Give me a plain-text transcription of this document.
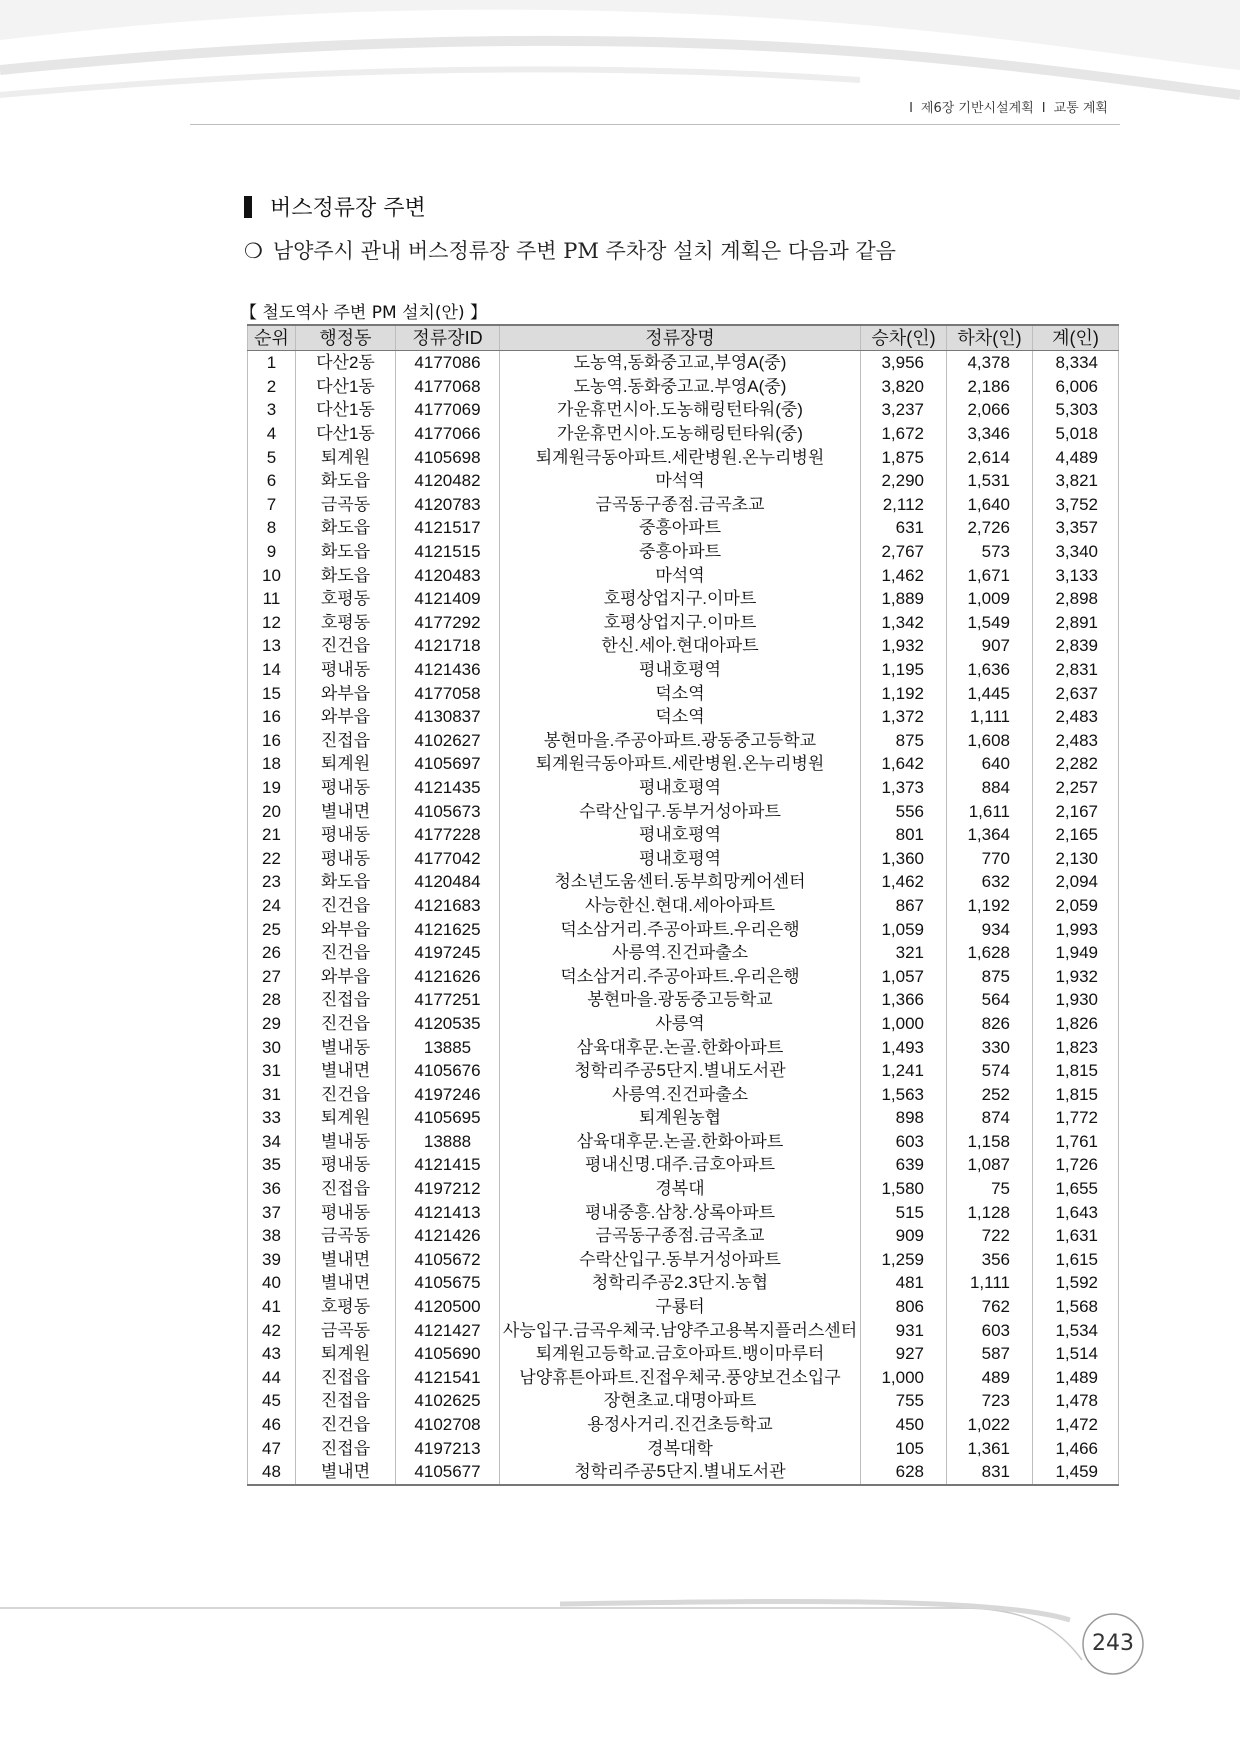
I 제6장 기반시설계획 I 교통 계획
버스정류장 주변
❍ 남양주시 관내 버스정류장 주변 PM 주차장 설치 계획은 다음과 같음
【 철도역사 주변 PM 설치(안) 】
순위	행정동	정류장ID	정류장명	승차(인)	하차(인)	계(인)
1	다산2동	4177086	도농역,동화중고교,부영A(중)	3,956	4,378	8,334
2	다산1동	4177068	도농역.동화중고교.부영A(중)	3,820	2,186	6,006
3	다산1동	4177069	가운휴먼시아.도농해링턴타워(중)	3,237	2,066	5,303
4	다산1동	4177066	가운휴먼시아.도농해링턴타워(중)	1,672	3,346	5,018
5	퇴계원	4105698	퇴계원극동아파트.세란병원.온누리병원	1,875	2,614	4,489
6	화도읍	4120482	마석역	2,290	1,531	3,821
7	금곡동	4120783	금곡동구종점.금곡초교	2,112	1,640	3,752
8	화도읍	4121517	중흥아파트	631	2,726	3,357
9	화도읍	4121515	중흥아파트	2,767	573	3,340
10	화도읍	4120483	마석역	1,462	1,671	3,133
11	호평동	4121409	호평상업지구.이마트	1,889	1,009	2,898
12	호평동	4177292	호평상업지구.이마트	1,342	1,549	2,891
13	진건읍	4121718	한신.세아.현대아파트	1,932	907	2,839
14	평내동	4121436	평내호평역	1,195	1,636	2,831
15	와부읍	4177058	덕소역	1,192	1,445	2,637
16	와부읍	4130837	덕소역	1,372	1,111	2,483
16	진접읍	4102627	봉현마을.주공아파트.광동중고등학교	875	1,608	2,483
18	퇴계원	4105697	퇴계원극동아파트.세란병원.온누리병원	1,642	640	2,282
19	평내동	4121435	평내호평역	1,373	884	2,257
20	별내면	4105673	수락산입구.동부거성아파트	556	1,611	2,167
21	평내동	4177228	평내호평역	801	1,364	2,165
22	평내동	4177042	평내호평역	1,360	770	2,130
23	화도읍	4120484	청소년도움센터.동부희망케어센터	1,462	632	2,094
24	진건읍	4121683	사능한신.현대.세아아파트	867	1,192	2,059
25	와부읍	4121625	덕소삼거리.주공아파트.우리은행	1,059	934	1,993
26	진건읍	4197245	사릉역.진건파출소	321	1,628	1,949
27	와부읍	4121626	덕소삼거리.주공아파트.우리은행	1,057	875	1,932
28	진접읍	4177251	봉현마을.광동중고등학교	1,366	564	1,930
29	진건읍	4120535	사릉역	1,000	826	1,826
30	별내동	13885	삼육대후문.논골.한화아파트	1,493	330	1,823
31	별내면	4105676	청학리주공5단지.별내도서관	1,241	574	1,815
31	진건읍	4197246	사릉역.진건파출소	1,563	252	1,815
33	퇴계원	4105695	퇴계원농협	898	874	1,772
34	별내동	13888	삼육대후문.논골.한화아파트	603	1,158	1,761
35	평내동	4121415	평내신명.대주.금호아파트	639	1,087	1,726
36	진접읍	4197212	경복대	1,580	75	1,655
37	평내동	4121413	평내중흥.삼창.상록아파트	515	1,128	1,643
38	금곡동	4121426	금곡동구종점.금곡초교	909	722	1,631
39	별내면	4105672	수락산입구.동부거성아파트	1,259	356	1,615
40	별내면	4105675	청학리주공2.3단지.농협	481	1,111	1,592
41	호평동	4120500	구룡터	806	762	1,568
42	금곡동	4121427	사능입구.금곡우체국.남양주고용복지플러스센터	931	603	1,534
43	퇴계원	4105690	퇴계원고등학교.금호아파트.뱅이마루터	927	587	1,514
44	진접읍	4121541	남양휴튼아파트.진접우체국.풍양보건소입구	1,000	489	1,489
45	진접읍	4102625	장현초교.대명아파트	755	723	1,478
46	진건읍	4102708	용정사거리.진건초등학교	450	1,022	1,472
47	진접읍	4197213	경복대학	105	1,361	1,466
48	별내면	4105677	청학리주공5단지.별내도서관	628	831	1,459
243
